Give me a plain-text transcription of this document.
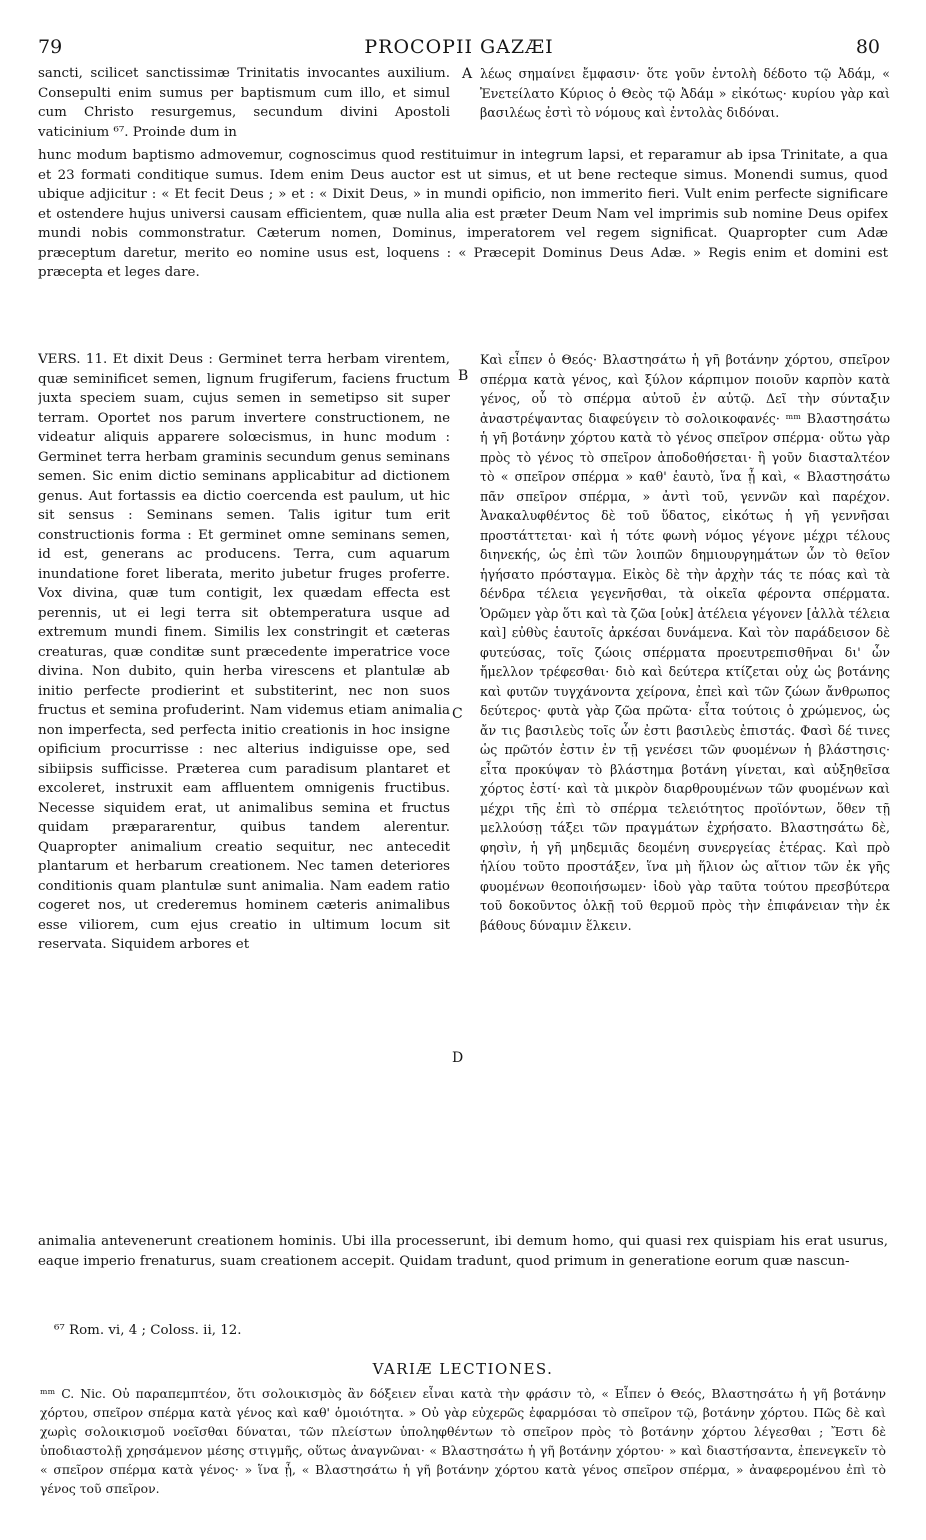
79	PROCOPII GAZÆI	80
sancti, scilicet sanctissimæ Trinitatis invocantes auxilium. Consepulti enim sumus per baptismum cum illo, et simul cum Christo resurgemus, secundum divini Apostoli vaticinium ⁶⁷. Proinde dum in
λέως σημαίνει ἔμφασιν· ὅτε γοῦν ἐντολὴ δέδοτο τῷ Ἀδάμ, « Ἐνετείλατο Κύριος ὁ Θεὸς τῷ Ἀδάμ » εἰκότως· κυρίου γὰρ καὶ βασιλέως ἐστὶ τὸ νόμους καὶ ἐντολὰς διδόναι.
A
hunc modum baptismo admovemur, cognoscimus quod restituimur in integrum lapsi, et reparamur ab ipsa Trinitate, a qua et 23 formati conditique sumus. Idem enim Deus auctor est ut simus, et ut bene recteque simus. Monendi sumus, quod ubique adjicitur : « Et fecit Deus ; » et : « Dixit Deus, » in mundi opificio, non immerito fieri. Vult enim perfecte significare et ostendere hujus universi causam efficientem, quæ nulla alia est præter Deum Nam vel imprimis sub nomine Deus opifex mundi nobis commonstratur. Cæterum nomen, Dominus, imperatorem vel regem significat. Quapropter cum Adæ præceptum daretur, merito eo nomine usus est, loquens : « Præcepit Dominus Deus Adæ. » Regis enim et domini est præcepta et leges dare.
VERS. 11. Et dixit Deus : Germinet terra herbam virentem, quæ seminificet semen, lignum frugiferum, faciens fructum juxta speciem suam, cujus semen in semetipso sit super terram. Oportet nos parum invertere constructionem, ne videatur aliquis apparere solœcismus, in hunc modum : Germinet terra herbam graminis secundum genus seminans semen. Sic enim dictio seminans applicabitur ad dictionem genus. Aut fortassis ea dictio coercenda est paulum, ut hic sit sensus : Seminans semen. Talis igitur tum erit constructionis forma : Et germinet omne seminans semen, id est, generans ac producens. Terra, cum aquarum inundatione foret liberata, merito jubetur fruges proferre. Vox divina, quæ tum contigit, lex quædam effecta est perennis, ut ei legi terra sit obtemperatura usque ad extremum mundi finem. Similis lex constringit et cæteras creaturas, quæ conditæ sunt præcedente imperatrice voce divina. Non dubito, quin herba virescens et plantulæ ab initio perfecte prodierint et substiterint, nec non suos fructus et semina profuderint. Nam videmus etiam animalia non imperfecta, sed perfecta initio creationis in hoc insigne opificium procurrisse : nec alterius indiguisse ope, sed sibiipsis sufficisse. Præterea cum paradisum plantaret et excoleret, instruxit eam affluentem omnigenis fructibus. Necesse siquidem erat, ut animalibus semina et fructus quidam præpararentur, quibus tandem alerentur. Quapropter animalium creatio sequitur, nec antecedit plantarum et herbarum creationem. Nec tamen deteriores conditionis quam plantulæ sunt animalia. Nam eadem ratio cogeret nos, ut crederemus hominem cæteris animalibus esse viliorem, cum ejus creatio in ultimum locum sit reservata. Siquidem arbores et
Καὶ εἶπεν ὁ Θεός· Βλαστησάτω ἡ γῆ βοτάνην χόρτου, σπεῖρον σπέρμα κατὰ γένος, καὶ ξύλον κάρπιμον ποιοῦν καρπὸν κατὰ γένος, οὗ τὸ σπέρμα αὐτοῦ ἐν αὐτῷ. Δεῖ τὴν σύνταξιν ἀναστρέψαντας διαφεύγειν τὸ σολοικοφανές· ᵐᵐ Βλαστησάτω ἡ γῆ βοτάνην χόρτου κατὰ τὸ γένος σπεῖρον σπέρμα· οὕτω γὰρ πρὸς τὸ γένος τὸ σπεῖρον ἀποδοθήσεται· ἢ γοῦν διασταλτέον τὸ « σπεῖρον σπέρμα » καθ' ἑαυτὸ, ἵνα ᾖ καὶ, « Βλαστησάτω πᾶν σπεῖρον σπέρμα, » ἀντὶ τοῦ, γεννῶν καὶ παρέχον. Ἀνακαλυφθέντος δὲ τοῦ ὕδατος, εἰκότως ἡ γῆ γεννῆσαι προστάττεται· καὶ ἡ τότε φωνὴ νόμος γέγονε μέχρι τέλους διηνεκής, ὡς ἐπὶ τῶν λοιπῶν δημιουργημάτων ὧν τὸ θεῖον ἡγήσατο πρόσταγμα. Εἰκὸς δὲ τὴν ἀρχὴν τάς τε πόας καὶ τὰ δένδρα τέλεια γεγενῆσθαι, τὰ οἰκεῖα φέροντα σπέρματα. Ὁρῶμεν γὰρ ὅτι καὶ τὰ ζῶα [οὐκ] ἀτέλεια γέγονεν [ἀλλὰ τέλεια καὶ] εὐθὺς ἑαυτοῖς ἀρκέσαι δυνάμενα. Καὶ τὸν παράδεισον δὲ φυτεύσας, τοῖς ζώοις σπέρματα προευτρεπισθῆναι δι' ὧν ἤμελλον τρέφεσθαι· διὸ καὶ δεύτερα κτίζεται οὐχ ὡς βοτάνης καὶ φυτῶν τυγχάνοντα χείρονα, ἐπεὶ καὶ τῶν ζώων ἄνθρωπος δεύτερος· φυτὰ γὰρ ζῶα πρῶτα· εἶτα τούτοις ὁ χρώμενος, ὡς ἄν τις βασιλεὺς τοῖς ὧν ἐστι βασιλεὺς ἐπιστάς. Φασὶ δέ τινες ὡς πρῶτόν ἐστιν ἐν τῇ γενέσει τῶν φυομένων ἡ βλάστησις· εἶτα προκύψαν τὸ βλάστημα βοτάνη γίνεται, καὶ αὐξηθεῖσα χόρτος ἐστί· καὶ τὰ μικρὸν διαρθρουμένων τῶν φυομένων καὶ μέχρι τῆς ἐπὶ τὸ σπέρμα τελειότητος προϊόντων, ὅθεν τῇ μελλούσῃ τάξει τῶν πραγμάτων ἐχρήσατο. Βλαστησάτω δὲ, φησὶν, ἡ γῆ μηδεμιᾶς δεομένη συνεργείας ἑτέρας. Καὶ πρὸ ἡλίου τοῦτο προστάξεν, ἵνα μὴ ἥλιον ὡς αἴτιον τῶν ἐκ γῆς φυομένων θεοποιήσωμεν· ἰδοὺ γὰρ ταῦτα τούτου πρεσβύτερα τοῦ δοκοῦντος ὁλκῇ τοῦ θερμοῦ πρὸς τὴν ἐπιφάνειαν τὴν ἐκ βάθους δύναμιν ἕλκειν.
B
C
D
animalia antevenerunt creationem hominis. Ubi illa processerunt, ibi demum homo, qui quasi rex quispiam his erat usurus, eaque imperio frenaturus, suam creationem accepit. Quidam tradunt, quod primum in generatione eorum quæ nascun-
⁶⁷ Rom. vi, 4 ; Coloss. ii, 12.
VARIÆ LECTIONES.
ᵐᵐ C. Nic. Οὐ παραπεμπτέον, ὅτι σολοικισμὸς ἂν δόξειεν εἶναι κατὰ τὴν φράσιν τὸ, « Εἶπεν ὁ Θεός, Βλαστησάτω ἡ γῆ βοτάνην χόρτου, σπεῖρον σπέρμα κατὰ γένος καὶ καθ' ὁμοιότητα. » Οὐ γὰρ εὐχερῶς ἐφαρμόσαι τὸ σπεῖρον τῷ, βοτάνην χόρτου. Πῶς δὲ καὶ χωρὶς σολοικισμοῦ νοεῖσθαι δύναται, τῶν πλείστων ὑποληφθέντων τὸ σπεῖρον πρὸς τὸ βοτάνην χόρτου λέγεσθαι ; Ἔστι δὲ ὑποδιαστολῇ χρησάμενον μέσης στιγμῆς, οὕτως ἀναγνῶναι· « Βλαστησάτω ἡ γῆ βοτάνην χόρτου· » καὶ διαστήσαντα, ἐπενεγκεῖν τὸ « σπεῖρον σπέρμα κατὰ γένος· » ἵνα ᾖ, « Βλαστησάτω ἡ γῆ βοτάνην χόρτου κατὰ γένος σπεῖρον σπέρμα, » ἀναφερομένου ἐπὶ τὸ γένος τοῦ σπεῖρον.
